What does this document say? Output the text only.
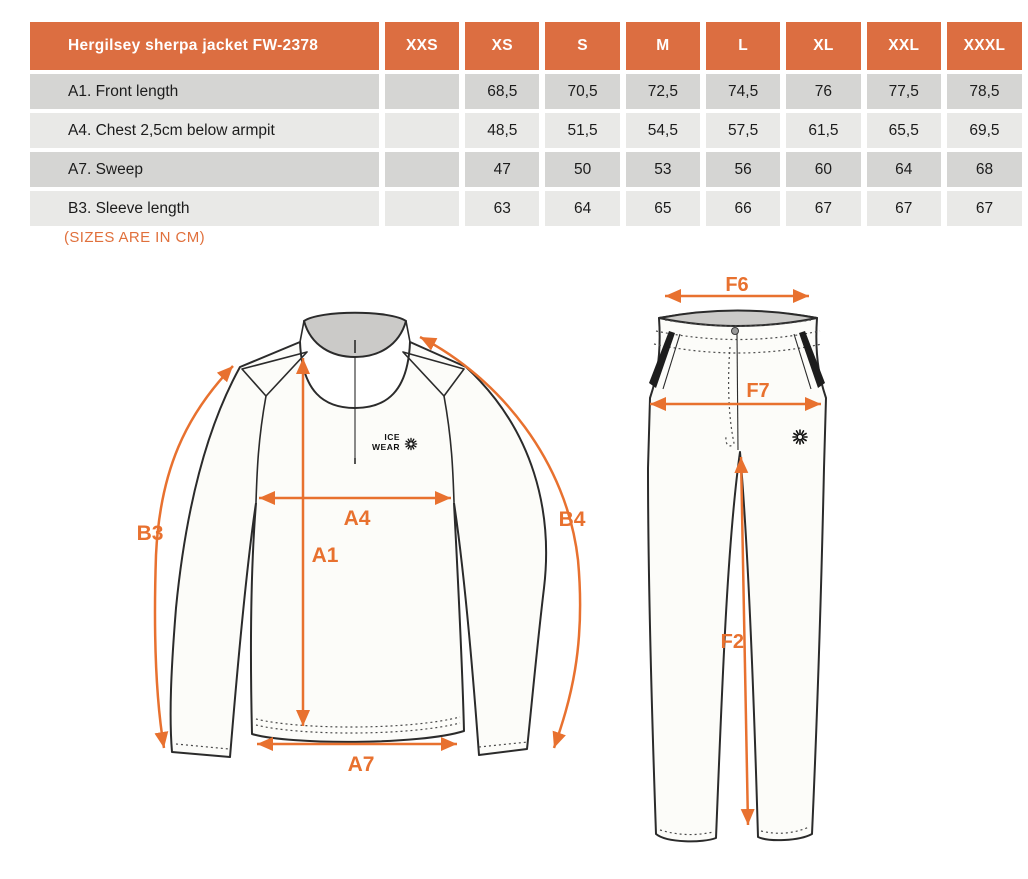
Hergilsey sherpa jacket FW-2378	XXS	XS	S	M	L	XL	XXL	XXXL
A1. Front length		68,5	70,5	72,5	74,5	76	77,5	78,5
A4. Chest 2,5cm below armpit		48,5	51,5	54,5	57,5	61,5	65,5	69,5
A7. Sweep		47	50	53	56	60	64	68
B3. Sleeve length		63	64	65	66	67	67	67
(SIZES ARE IN CM)
ICE
WEAR
B3
A1
A4
A7
B4
F6
F7
F2
